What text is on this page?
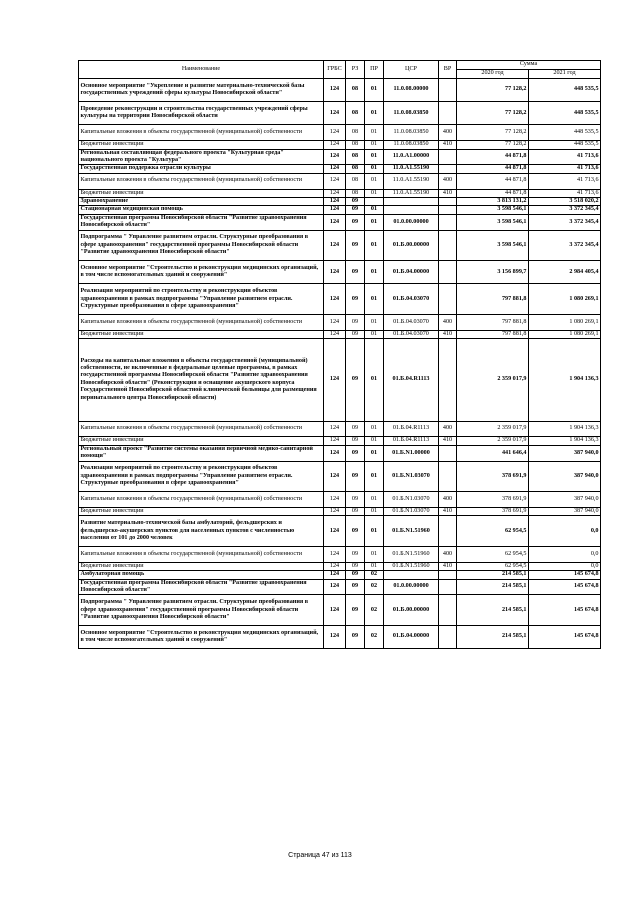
Наименование	ГРБС	РЗ	ПР	ЦСР	ВР	Сумма	
						2020 год	2021 год
Основное мероприятие "Укрепление и развитие материально-технической базы государственных учреждений сферы культуры Новосибирской области"	124	08	01	11.0.08.00000		77 128,2	448 535,5
Проведение реконструкции и строительства государственных учреждений сферы культуры на территории Новосибирской области	124	08	01	11.0.08.03850		77 128,2	448 535,5
Капитальные вложения в объекты государственной (муниципальной) собственности	124	08	01	11.0.08.03850	400	77 128,2	448 535,5
Бюджетные инвестиции	124	08	01	11.0.08.03850	410	77 128,2	448 535,5
Региональная составляющая федерального проекта "Культурная среда" национального проекта "Культура"	124	08	01	11.0.A1.00000		44 871,8	41 713,6
Государственная поддержка отрасли культуры	124	08	01	11.0.A1.55190		44 871,8	41 713,6
Капитальные вложения в объекты государственной (муниципальной) собственности	124	08	01	11.0.A1.55190	400	44 871,8	41 713,6
Бюджетные инвестиции	124	08	01	11.0.A1.55190	410	44 871,8	41 713,6
Здравоохранение	124	09				3 813 131,2	3 518 020,2
Стационарная медицинская помощь	124	09	01			3 598 546,1	3 372 345,4
Государственная программа Новосибирской области "Развитие здравоохранения Новосибирской области"	124	09	01	01.0.00.00000		3 598 546,1	3 372 345,4
Подпрограмма " Управление развитием отрасли. Структурные преобразования в сфере здравоохранения" государственной программы Новосибирской области "Развитие здравоохранения Новосибирской области"	124	09	01	01.Б.00.00000		3 598 546,1	3 372 345,4
Основное мероприятие "Строительство и реконструкция медицинских организаций, в том числе вспомогательных зданий и сооружений"	124	09	01	01.Б.04.00000		3 156 899,7	2 984 405,4
Реализация мероприятий по строительству и реконструкции объектов здравоохранения в рамках подпрограммы "Управление развитием отрасли. Структурные преобразования в сфере здравоохранения"	124	09	01	01.Б.04.03070		797 881,8	1 080 269,1
Капитальные вложения в объекты государственной (муниципальной) собственности	124	09	01	01.Б.04.03070	400	797 881,8	1 080 269,1
Бюджетные инвестиции	124	09	01	01.Б.04.03070	410	797 881,8	1 080 269,1
Расходы на капитальные вложения в объекты государственной (муниципальной) собственности, не включенные в федеральные целевые программы, в рамках государственной программы Новосибирской области "Развитие здравоохранения Новосибирской области" (Реконструкция и оснащение акушерского корпуса Государственной Новосибирской областной клинической больницы для размещения перинатального центра Новосибирской области)	124	09	01	01.Б.04.R1113		2 359 017,9	1 904 136,3
Капитальные вложения в объекты государственной (муниципальной) собственности	124	09	01	01.Б.04.R1113	400	2 359 017,9	1 904 136,3
Бюджетные инвестиции	124	09	01	01.Б.04.R1113	410	2 359 017,9	1 904 136,3
Региональный проект "Развитие системы оказания первичной медико-санитарной помощи"	124	09	01	01.Б.N1.00000		441 646,4	387 940,0
Реализация мероприятий по строительству и реконструкции объектов здравоохранения в рамках подпрограммы "Управление развитием отрасли. Структурные преобразования в сфере здравоохранения"	124	09	01	01.Б.N1.03070		378 691,9	387 940,0
Капитальные вложения в объекты государственной (муниципальной) собственности	124	09	01	01.Б.N1.03070	400	378 691,9	387 940,0
Бюджетные инвестиции	124	09	01	01.Б.N1.03070	410	378 691,9	387 940,0
Развитие материально-технической базы амбулаторий, фельдшерских и фельдшерско-акушерских пунктов для населенных пунктов с численностью населения от 101 до 2000 человек	124	09	01	01.Б.N1.51960		62 954,5	0,0
Капитальные вложения в объекты государственной (муниципальной) собственности	124	09	01	01.Б.N1.51960	400	62 954,5	0,0
Бюджетные инвестиции	124	09	01	01.Б.N1.51960	410	62 954,5	0,0
Амбулаторная помощь	124	09	02			214 585,1	145 674,8
Государственная программа Новосибирской области "Развитие здравоохранения Новосибирской области"	124	09	02	01.0.00.00000		214 585,1	145 674,8
Подпрограмма " Управление развитием отрасли. Структурные преобразования в сфере здравоохранения" государственной программы Новосибирской области "Развитие здравоохранения Новосибирской области"	124	09	02	01.Б.00.00000		214 585,1	145 674,8
Основное мероприятие "Строительство и реконструкция медицинских организаций, в том числе вспомогательных зданий и сооружений"	124	09	02	01.Б.04.00000		214 585,1	145 674,8
Страница 47 из 113
